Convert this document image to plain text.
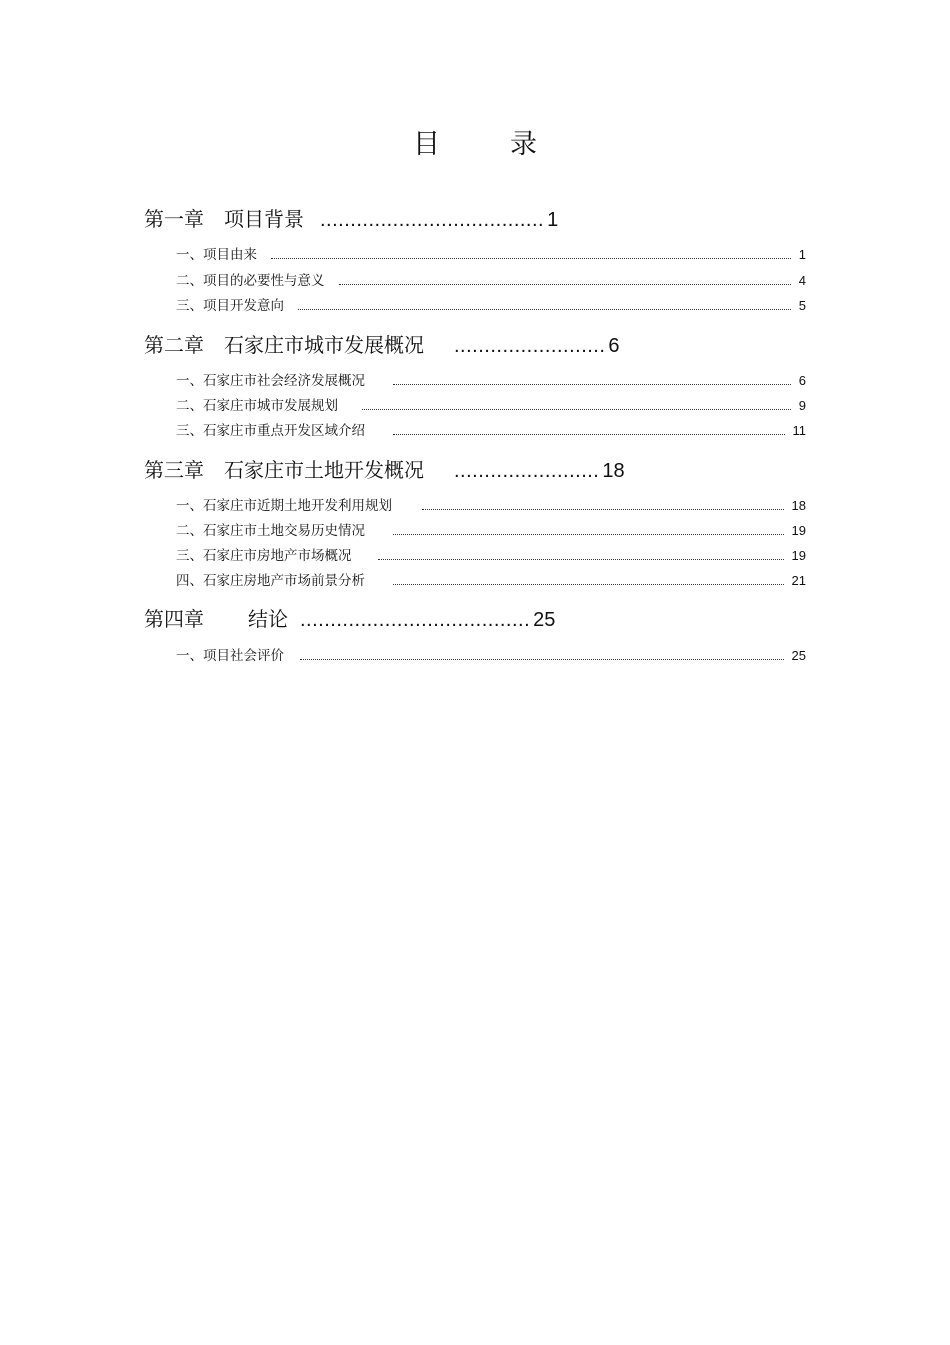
目	录
第一章 项目背景 ..................................... 1
一、项目由来	1
二、项目的必要性与意义	4
三、项目开发意向	5
第二章 石家庄市城市发展概况 ......................... 6
一、石家庄市社会经济发展概况	6
二、石家庄市城市发展规划	9
三、石家庄市重点开发区域介绍	11
第三章 石家庄市土地开发概况 ........................ 18
一、石家庄市近期土地开发利用规划	18
二、石家庄市土地交易历史情况	19
三、石家庄市房地产市场概况	19
四、石家庄房地产市场前景分析	21
第四章 结论 ...................................... 25
一、项目社会评价	25
